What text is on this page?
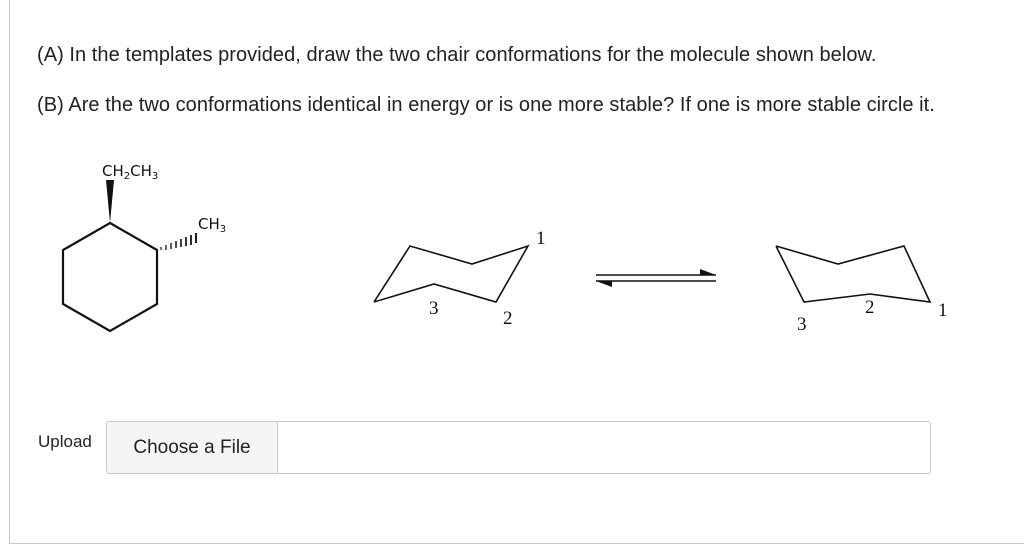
(A) In the templates provided, draw the two chair conformations for the molecule shown below.
(B) Are the two conformations identical in energy or is one more stable? If one is more stable circle it.
$CH_2CH_3$
$CH_3$	1
2
3	1
2
3
Upload	Choose a File
